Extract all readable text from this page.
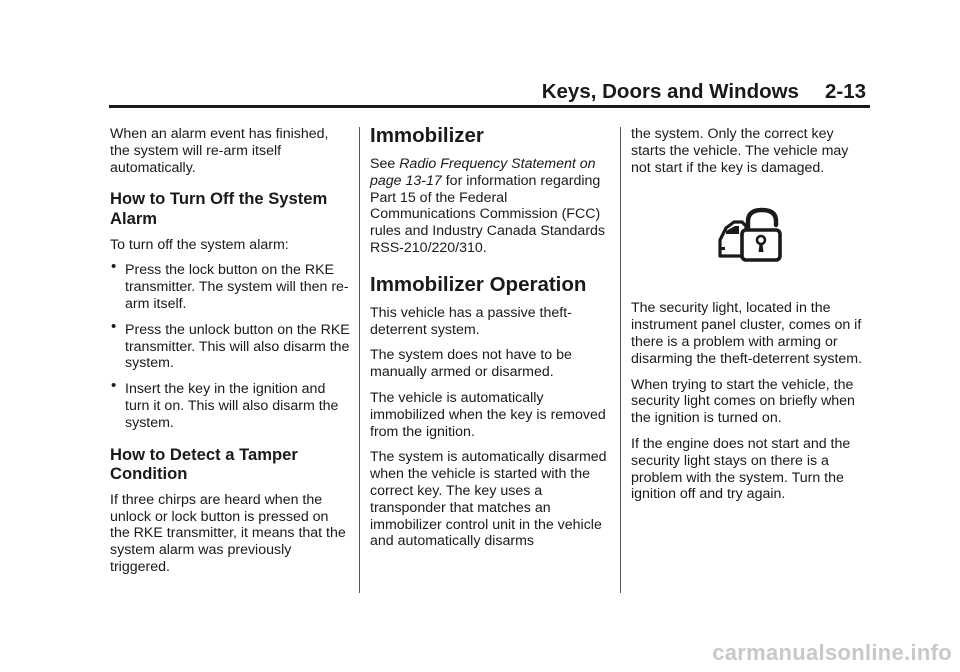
Keys, Doors and Windows 2-13

When an alarm event has finished, the system will re-arm itself automatically.

How to Turn Off the System Alarm

To turn off the system alarm:

• Press the lock button on the RKE transmitter. The system will then re-arm itself.
• Press the unlock button on the RKE transmitter. This will also disarm the system.
• Insert the key in the ignition and turn it on. This will also disarm the system.
How to Detect a Tamper Condition

If three chirps are heard when the unlock or lock button is pressed on the RKE transmitter, it means that the system alarm was previously triggered.

Immobilizer

See Radio Frequency Statement on page 13-17 for information regarding Part 15 of the Federal Communications Commission (FCC) rules and Industry Canada Standards RSS-210/220/310.

Immobilizer Operation

This vehicle has a passive theft-deterrent system.

The system does not have to be manually armed or disarmed.

The vehicle is automatically immobilized when the key is removed from the ignition.

The system is automatically disarmed when the vehicle is started with the correct key. The key uses a transponder that matches an immobilizer control unit in the vehicle and automatically disarms

the system. Only the correct key starts the vehicle. The vehicle may not start if the key is damaged.

The security light, located in the instrument panel cluster, comes on if there is a problem with arming or disarming the theft-deterrent system.

When trying to start the vehicle, the security light comes on briefly when the ignition is turned on.

If the engine does not start and the security light stays on there is a problem with the system. Turn the ignition off and try again.

carmanualsonline.info
